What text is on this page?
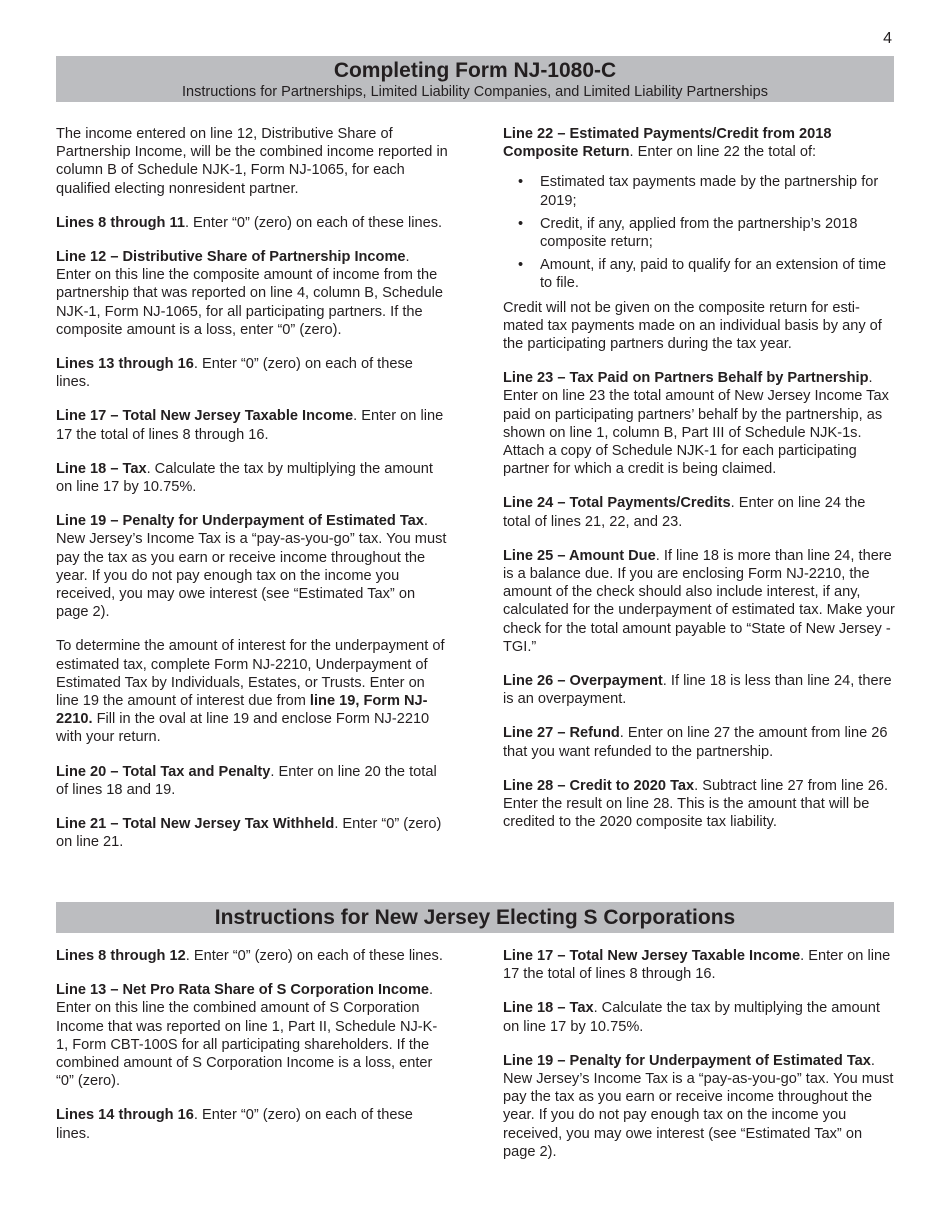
4
Completing Form NJ-1080-C
Instructions for Partnerships, Limited Liability Companies, and Limited Liability Partnerships

The income entered on line 12, Distributive Share of Partnership Income, will be the combined income reported in column B of Schedule NJK-1, Form NJ-1065, for each qualified electing nonresident partner.

Lines 8 through 11. Enter “0” (zero) on each of these lines.

Line 12 – Distributive Share of Partnership Income. Enter on this line the composite amount of income from the partnership that was reported on line 4, column B, Schedule NJK-1, Form NJ-1065, for all participating partners. If the composite amount is a loss, enter “0” (zero).

Lines 13 through 16. Enter “0” (zero) on each of these lines.

Line 17 – Total New Jersey Taxable Income. Enter on line 17 the total of lines 8 through 16.

Line 18 – Tax. Calculate the tax by multiplying the amount on line 17 by 10.75%.

Line 19 – Penalty for Underpayment of Estimated Tax. New Jersey’s Income Tax is a “pay-as-you-go” tax. You must pay the tax as you earn or receive income throughout the year. If you do not pay enough tax on the income you received, you may owe interest (see “Estimated Tax” on page 2).

To determine the amount of interest for the underpayment of estimated tax, complete Form NJ-2210, Underpayment of Estimated Tax by Individuals, Estates, or Trusts. Enter on line 19 the amount of interest due from line 19, Form NJ-2210. Fill in the oval at line 19 and enclose Form NJ-2210 with your return.

Line 20 – Total Tax and Penalty. Enter on line 20 the total of lines 18 and 19.

Line 21 – Total New Jersey Tax Withheld. Enter “0” (zero) on line 21.

Line 22 – Estimated Payments/Credit from 2018 Composite Return. Enter on line 22 the total of:

• Estimated tax payments made by the partnership for 2019;
• Credit, if any, applied from the partnership’s 2018 composite return;
• Amount, if any, paid to qualify for an extension of time to file.

Credit will not be given on the composite return for estimated tax payments made on an individual basis by any of the participating partners during the tax year.

Line 23 – Tax Paid on Partners Behalf by Partnership. Enter on line 23 the total amount of New Jersey Income Tax paid on participating partners’ behalf by the partnership, as shown on line 1, column B, Part III of Schedule NJK-1s. Attach a copy of Schedule NJK-1 for each participating partner for which a credit is being claimed.

Line 24 – Total Payments/Credits. Enter on line 24 the total of lines 21, 22, and 23.

Line 25 – Amount Due. If line 18 is more than line 24, there is a balance due. If you are enclosing Form NJ-2210, the amount of the check should also include interest, if any, calculated for the underpayment of estimated tax. Make your check for the total amount payable to “State of New Jersey - TGI.”

Line 26 – Overpayment. If line 18 is less than line 24, there is an overpayment.

Line 27 – Refund. Enter on line 27 the amount from line 26 that you want refunded to the partnership.

Line 28 – Credit to 2020 Tax. Subtract line 27 from line 26. Enter the result on line 28. This is the amount that will be credited to the 2020 composite tax liability.

Instructions for New Jersey Electing S Corporations

Lines 8 through 12. Enter “0” (zero) on each of these lines.

Line 13 – Net Pro Rata Share of S Corporation Income. Enter on this line the combined amount of S Corporation Income that was reported on line 1, Part II, Schedule NJ-K-1, Form CBT-100S for all participating shareholders. If the combined amount of S Corporation Income is a loss, enter “0” (zero).

Lines 14 through 16. Enter “0” (zero) on each of these lines.

Line 17 – Total New Jersey Taxable Income. Enter on line 17 the total of lines 8 through 16.

Line 18 – Tax. Calculate the tax by multiplying the amount on line 17 by 10.75%.

Line 19 – Penalty for Underpayment of Estimated Tax. New Jersey’s Income Tax is a “pay-as-you-go” tax. You must pay the tax as you earn or receive income throughout the year. If you do not pay enough tax on the income you received, you may owe interest (see “Estimated Tax” on page 2).
